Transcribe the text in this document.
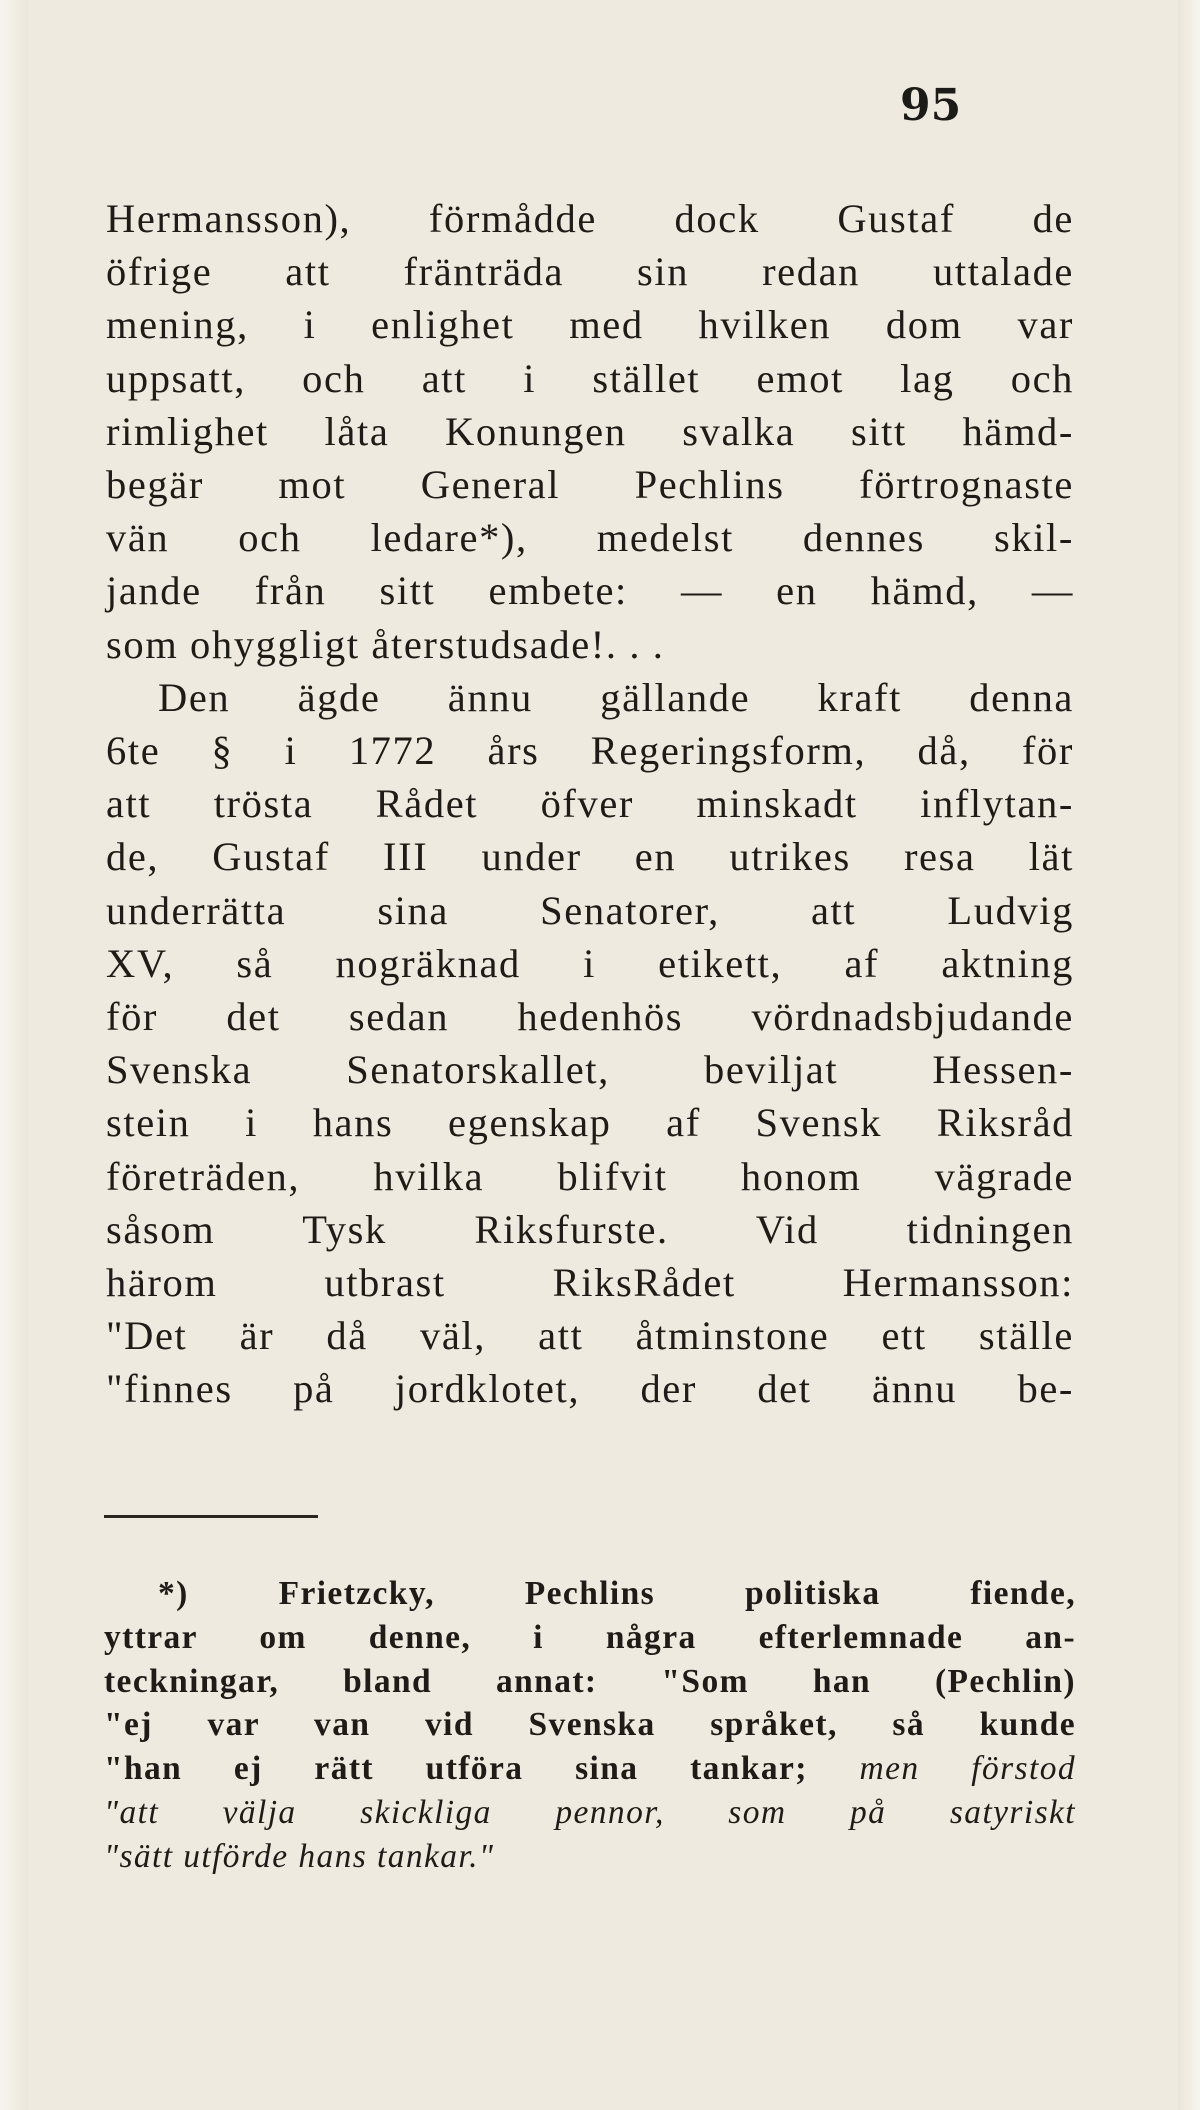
95
Hermansson), förmådde dock Gustaf de
öfrige att fränträda sin redan uttalade
mening, i enlighet med hvilken dom var
uppsatt, och att i stället emot lag och
rimlighet låta Konungen svalka sitt hämd-
begär mot General Pechlins förtrognaste
vän och ledare*), medelst dennes skil-
jande från sitt embete: — en hämd, —
som ohyggligt återstudsade!. . .
Den ägde ännu gällande kraft denna
6te § i 1772 års Regeringsform, då, för
att trösta Rådet öfver minskadt inflytan-
de, Gustaf III under en utrikes resa lät
underrätta sina Senatorer, att Ludvig
XV, så nogräknad i etikett, af aktning
för det sedan hedenhös vördnadsbjudande
Svenska Senatorskallet, beviljat Hessen-
stein i hans egenskap af Svensk Riksråd
företräden, hvilka blifvit honom vägrade
såsom Tysk Riksfurste. Vid tidningen
härom utbrast RiksRådet Hermansson:
"Det är då väl, att åtminstone ett ställe
"finnes på jordklotet, der det ännu be-
*) Frietzcky, Pechlins politiska fiende,
yttrar om denne, i några efterlemnade an-
teckningar, bland annat: "Som han (Pechlin)
"ej var van vid Svenska språket, så kunde
"han ej rätt utföra sina tankar; men förstod
"att välja skickliga pennor, som på satyriskt
"sätt utförde hans tankar."
